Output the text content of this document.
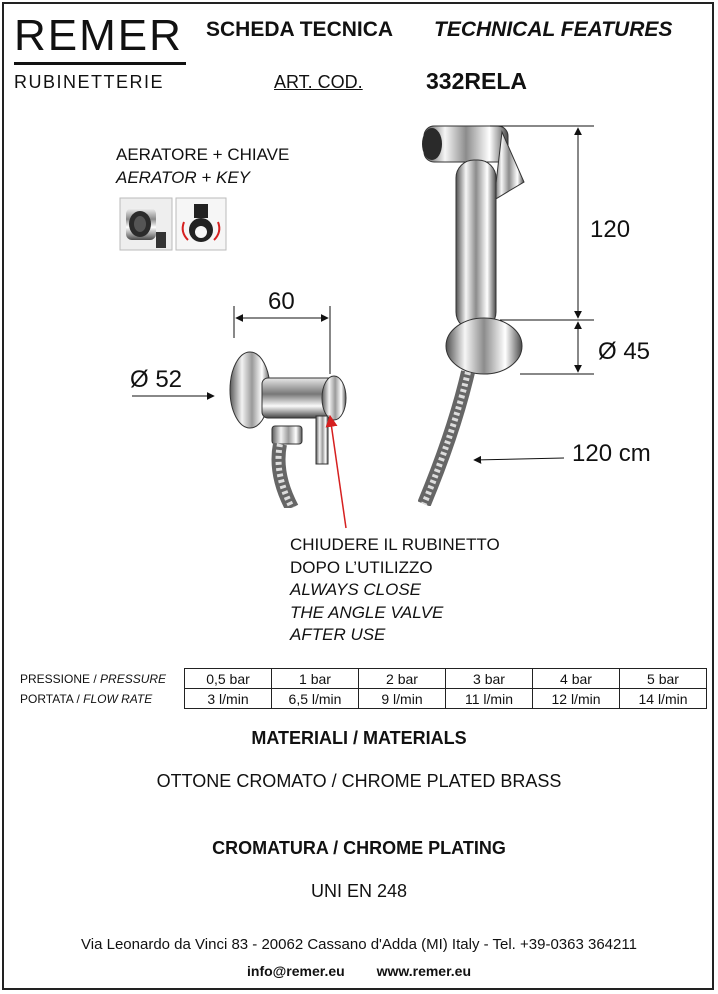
REMER
RUBINETTERIE
SCHEDA TECNICA TECHNICAL FEATURES
ART. COD.	332RELA
AERATORE + CHIAVE
AERATOR + KEY
60
Ø 52
120
Ø 45
120 cm
CHIUDERE IL RUBINETTO
DOPO L’UTILIZZO
ALWAYS CLOSE
THE ANGLE VALVE
AFTER USE
PRESSIONE / PRESSURE	0,5 bar	1 bar	2 bar	3 bar	4 bar	5 bar
PORTATA / FLOW RATE	3 l/min	6,5 l/min	9 l/min	11 l/min	12 l/min	14 l/min
MATERIALI / MATERIALS
OTTONE CROMATO / CHROME PLATED BRASS
CROMATURA / CHROME PLATING
UNI EN 248
Via Leonardo da Vinci 83 - 20062 Cassano d'Adda (MI) Italy - Tel. +39-0363 364211
info@remer.eu www.remer.eu
